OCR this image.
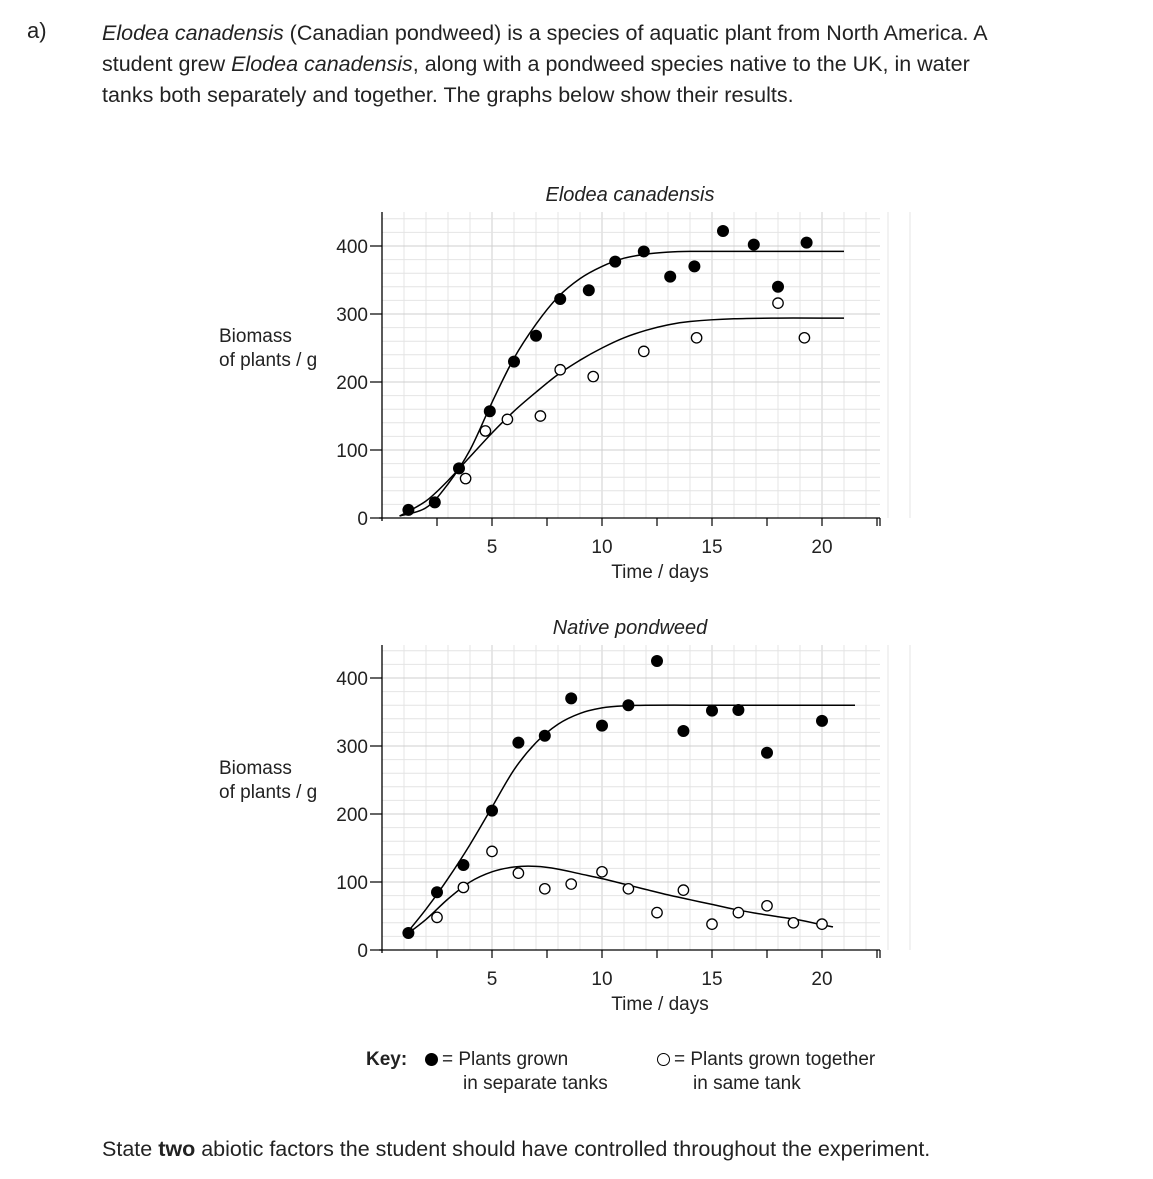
a)	Elodea canadensis (Canadian pondweed) is a species of aquatic plant from North America. A student grew Elodea canadensis, along with a pondweed species native to the UK, in water tanks both separately and together. The graphs below show their results.
5	10	15	20
0
100
200
300
400
Elodea canadensis
Time / days
Biomass
of plants / g
5	10	15	20
0
100
200
300
400
Native pondweed
Time / days
Biomass
of plants / g
Key:	= Plants grown
in separate tanks
= Plants grown together
in same tank
State two abiotic factors the student should have controlled throughout the experiment.
